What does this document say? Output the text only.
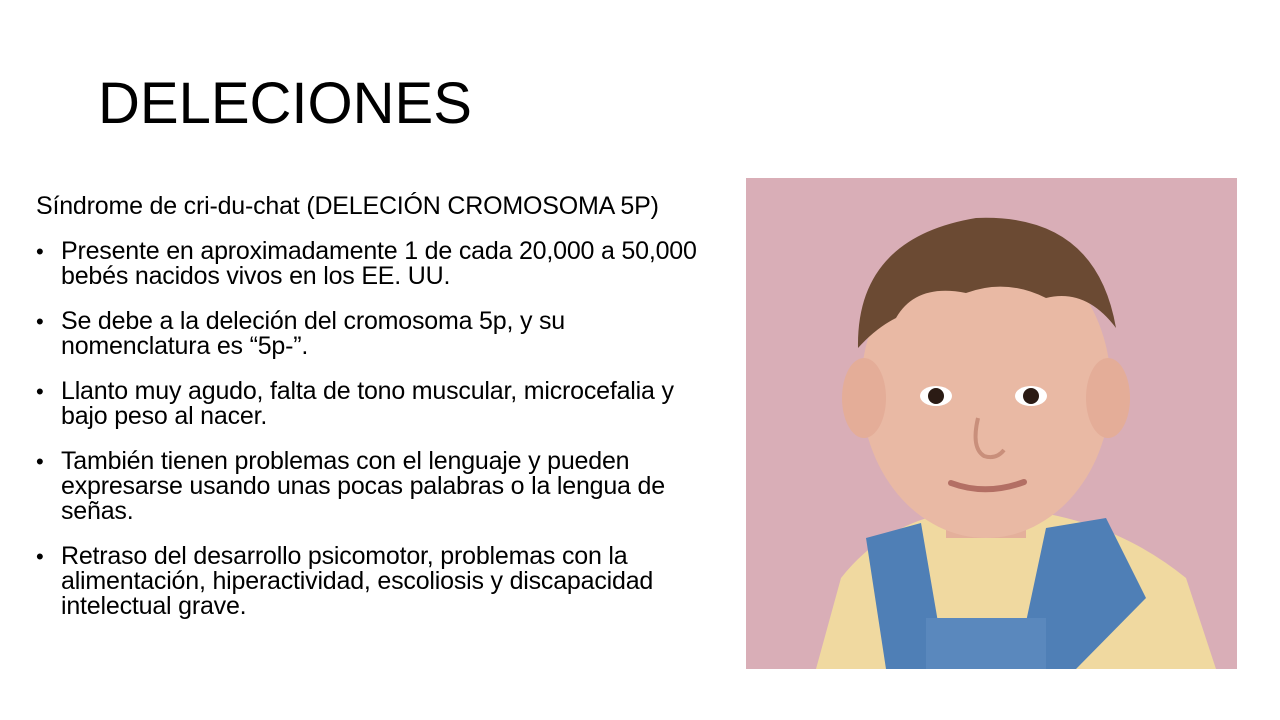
DELECIONES

Síndrome de cri-du-chat (DELECIÓN CROMOSOMA 5P)

• Presente en aproximadamente 1 de cada 20,000 a 50,000 bebés nacidos vivos en los EE. UU.
• Se debe a la deleción del cromosoma 5p, y su nomenclatura es “5p-”.
• Llanto muy agudo, falta de tono muscular, microcefalia y bajo peso al nacer.
• También tienen problemas con el lenguaje y pueden expresarse usando unas pocas palabras o la lengua de señas.
• Retraso del desarrollo psicomotor, problemas con la alimentación, hiperactividad, escoliosis y discapacidad intelectual grave.
